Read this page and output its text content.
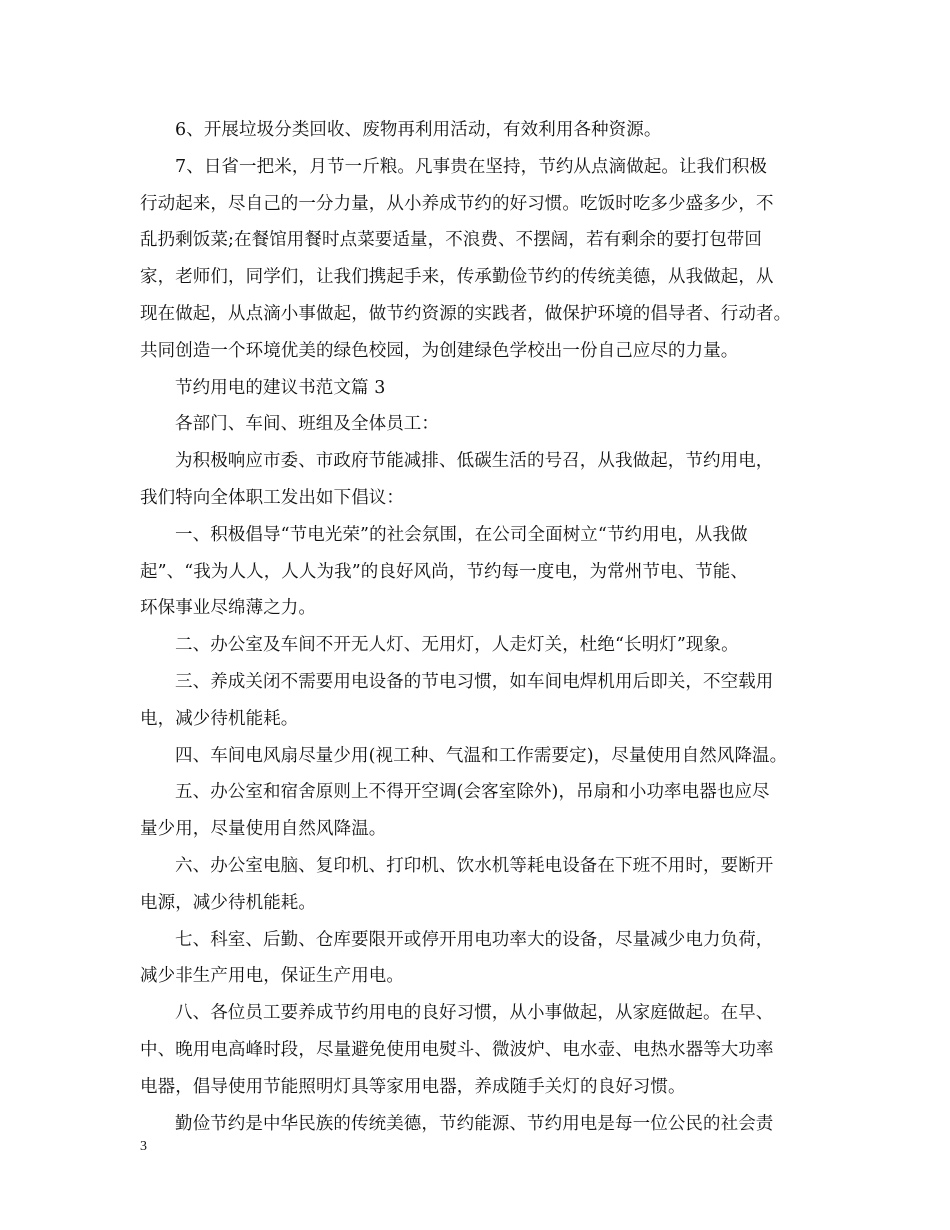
6、开展垃圾分类回收、废物再利用活动，有效利用各种资源。
7、日省一把米，月节一斤粮。凡事贵在坚持，节约从点滴做起。让我们积极
行动起来，尽自己的一分力量，从小养成节约的好习惯。吃饭时吃多少盛多少，不
乱扔剩饭菜;在餐馆用餐时点菜要适量，不浪费、不摆阔，若有剩余的要打包带回
家，老师们，同学们，让我们携起手来，传承勤俭节约的传统美德，从我做起，从
现在做起，从点滴小事做起，做节约资源的实践者，做保护环境的倡导者、行动者。
共同创造一个环境优美的绿色校园，为创建绿色学校出一份自己应尽的力量。
节约用电的建议书范文篇 3
各部门、车间、班组及全体员工：
为积极响应市委、市政府节能减排、低碳生活的号召，从我做起，节约用电，
我们特向全体职工发出如下倡议：
一、积极倡导“节电光荣”的社会氛围，在公司全面树立“节约用电，从我做
起”、“我为人人，人人为我”的良好风尚，节约每一度电，为常州节电、节能、
环保事业尽绵薄之力。
二、办公室及车间不开无人灯、无用灯，人走灯关，杜绝“长明灯”现象。
三、养成关闭不需要用电设备的节电习惯，如车间电焊机用后即关，不空载用
电，减少待机能耗。
四、车间电风扇尽量少用(视工种、气温和工作需要定)，尽量使用自然风降温。
五、办公室和宿舍原则上不得开空调(会客室除外)，吊扇和小功率电器也应尽
量少用，尽量使用自然风降温。
六、办公室电脑、复印机、打印机、饮水机等耗电设备在下班不用时，要断开
电源，减少待机能耗。
七、科室、后勤、仓库要限开或停开用电功率大的设备，尽量减少电力负荷，
减少非生产用电，保证生产用电。
八、各位员工要养成节约用电的良好习惯，从小事做起，从家庭做起。在早、
中、晚用电高峰时段，尽量避免使用电熨斗、微波炉、电水壶、电热水器等大功率
电器，倡导使用节能照明灯具等家用电器，养成随手关灯的良好习惯。
勤俭节约是中华民族的传统美德，节约能源、节约用电是每一位公民的社会责
3
